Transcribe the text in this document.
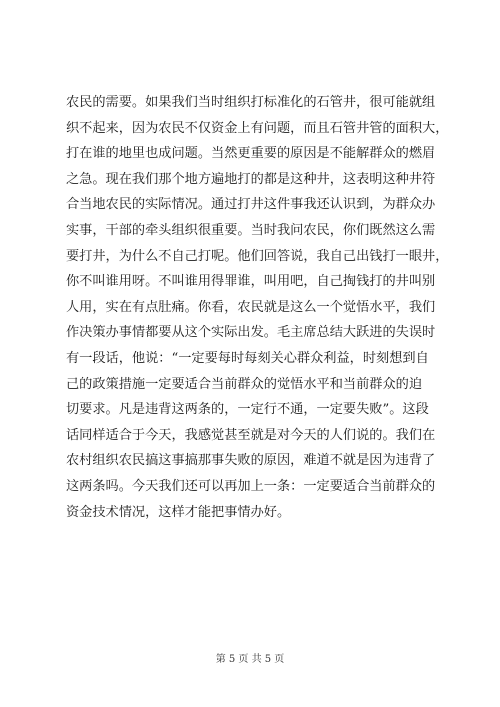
农民的需要。如果我们当时组织打标准化的石管井，很可能就组
织不起来，因为农民不仅资金上有问题，而且石管井管的面积大，
打在谁的地里也成问题。当然更重要的原因是不能解群众的燃眉
之急。现在我们那个地方遍地打的都是这种井，这表明这种井符
合当地农民的实际情况。通过打井这件事我还认识到，为群众办
实事，干部的牵头组织很重要。当时我问农民，你们既然这么需
要打井，为什么不自己打呢。他们回答说，我自己出钱打一眼井，
你不叫谁用呀。不叫谁用得罪谁，叫用吧，自己掏钱打的井叫别
人用，实在有点肚痛。你看，农民就是这么一个觉悟水平，我们
作决策办事情都要从这个实际出发。毛主席总结大跃进的失误时
有一段话，他说：“一定要每时每刻关心群众利益，时刻想到自
己的政策措施一定要适合当前群众的觉悟水平和当前群众的迫
切要求。凡是违背这两条的，一定行不通，一定要失败”。这段
话同样适合于今天，我感觉甚至就是对今天的人们说的。我们在
农村组织农民搞这事搞那事失败的原因，难道不就是因为违背了
这两条吗。今天我们还可以再加上一条：一定要适合当前群众的
资金技术情况，这样才能把事情办好。
第 5 页 共 5 页
